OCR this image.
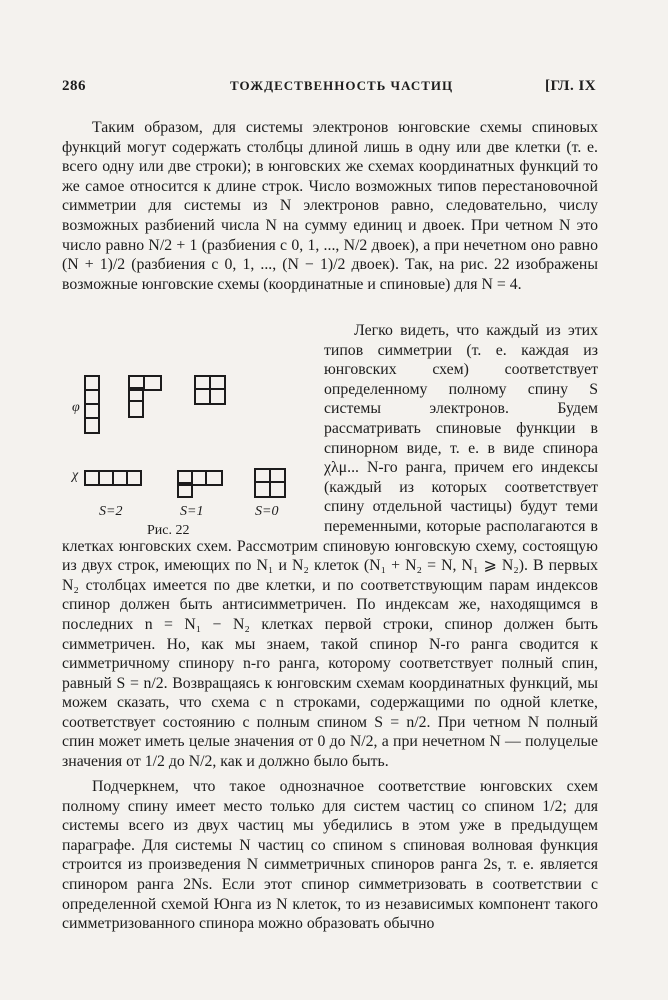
286	ТОЖДЕСТВЕННОСТЬ ЧАСТИЦ	[ГЛ. IX

Таким образом, для системы электронов юнговские схемы спиновых функций могут содержать столбцы длиной лишь в одну или две клетки (т. е. всего одну или две строки); в юнговских же схемах координатных функций то же самое относится к длине строк. Число возможных типов перестановочной симметрии для системы из N электронов равно, следовательно, числу возможных разбиений числа N на сумму единиц и двоек. При четном N это число равно N/2 + 1 (разбиения с 0, 1, ..., N/2 двоек), а при нечетном оно равно (N + 1)/2 (разбиения с 0, 1, ..., (N − 1)/2 двоек). Так, на рис. 22 изображены возможные юнговские схемы (координатные и спиновые) для N = 4.

Легко видеть, что каждый из этих типов симметрии (т. е. каждая из юнговских схем) соответствует определенному полному спину S системы электронов. Будем рассматривать спиновые функции в спинорном виде, т. е. в виде спинора χλμ... N-го ранга, причем его индексы (каждый из которых соответствует спину отдельной частицы) будут теми переменными, которые располагаются в клетках юнговских схем. Рассмотрим спиновую юнговскую схему, состоящую из двух строк, имеющих по N₁ и N₂ клеток (N₁ + N₂ = N, N₁ ⩾ N₂). В первых N₂ столбцах имеется по две клетки, и по соответствующим парам индексов спинор должен быть антисимметричен. По индексам же, находящимся в последних n = N₁ − N₂ клетках первой строки, спинор должен быть симметричен. Но, как мы знаем, такой спинор N-го ранга сводится к симметричному спинору n-го ранга, которому соответствует полный спин, равный S = n/2. Возвращаясь к юнговским схемам координатных функций, мы можем сказать, что схема с n строками, содержащими по одной клетке, соответствует состоянию с полным спином S = n/2. При четном N полный спин может иметь целые значения от 0 до N/2, а при нечетном N — полуцелые значения от 1/2 до N/2, как и должно было быть.

Подчеркнем, что такое однозначное соответствие юнговских схем полному спину имеет место только для систем частиц со спином 1/2; для системы всего из двух частиц мы убедились в этом уже в предыдущем параграфе. Для системы N частиц со спином s спиновая волновая функция строится из произведения N симметричных спиноров ранга 2s, т. е. является спинором ранга 2Ns. Если этот спинор симметризовать в соответствии с определенной схемой Юнга из N клеток, то из независимых компонент такого симметризованного спинора можно образовать обычно

φ
χ
S=2	S=1	S=0
Рис. 22
